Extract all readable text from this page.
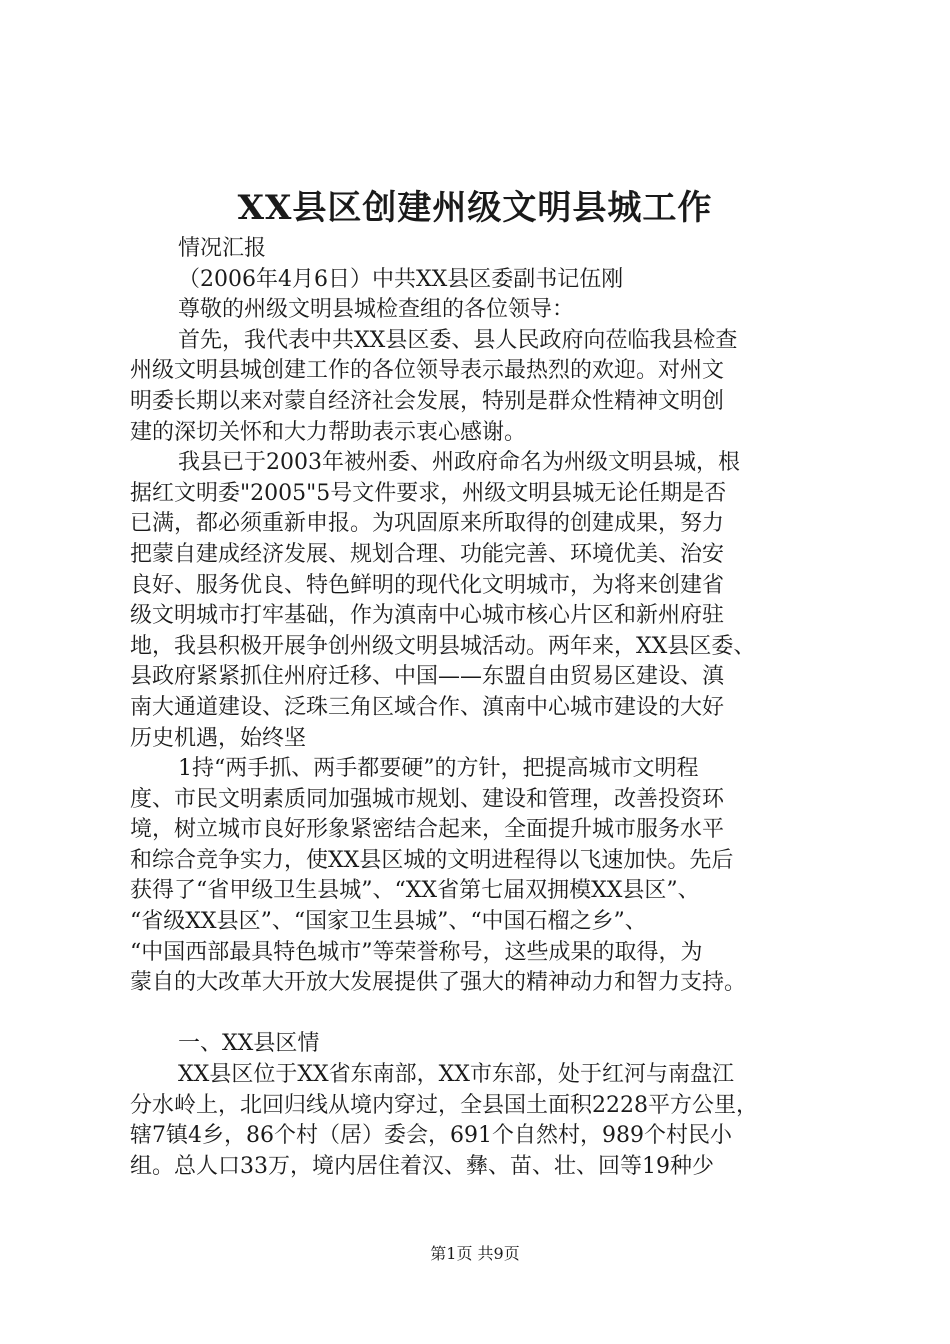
XX县区创建州级文明县城工作
情况汇报
（2006年4月6日）中共XX县区委副书记伍刚
尊敬的州级文明县城检查组的各位领导：
首先，我代表中共XX县区委、县人民政府向莅临我县检查
州级文明县城创建工作的各位领导表示最热烈的欢迎。对州文
明委长期以来对蒙自经济社会发展，特别是群众性精神文明创
建的深切关怀和大力帮助表示衷心感谢。
我县已于2003年被州委、州政府命名为州级文明县城，根
据红文明委"2005"5号文件要求，州级文明县城无论任期是否
已满，都必须重新申报。为巩固原来所取得的创建成果，努力
把蒙自建成经济发展、规划合理、功能完善、环境优美、治安
良好、服务优良、特色鲜明的现代化文明城市，为将来创建省
级文明城市打牢基础，作为滇南中心城市核心片区和新州府驻
地，我县积极开展争创州级文明县城活动。两年来，XX县区委、
县政府紧紧抓住州府迁移、中国——东盟自由贸易区建设、滇
南大通道建设、泛珠三角区域合作、滇南中心城市建设的大好
历史机遇，始终坚
1持“两手抓、两手都要硬”的方针，把提高城市文明程
度、市民文明素质同加强城市规划、建设和管理，改善投资环
境，树立城市良好形象紧密结合起来，全面提升城市服务水平
和综合竞争实力，使XX县区城的文明进程得以飞速加快。先后
获得了“省甲级卫生县城”、“XX省第七届双拥模XX县区”、
“省级XX县区”、“国家卫生县城”、“中国石榴之乡”、
“中国西部最具特色城市”等荣誉称号，这些成果的取得，为
蒙自的大改革大开放大发展提供了强大的精神动力和智力支持。
一、XX县区情
XX县区位于XX省东南部，XX市东部，处于红河与南盘江
分水岭上，北回归线从境内穿过，全县国土面积2228平方公里，
辖7镇4乡，86个村（居）委会，691个自然村，989个村民小
组。总人口33万，境内居住着汉、彝、苗、壮、回等19种少
第1页 共9页
